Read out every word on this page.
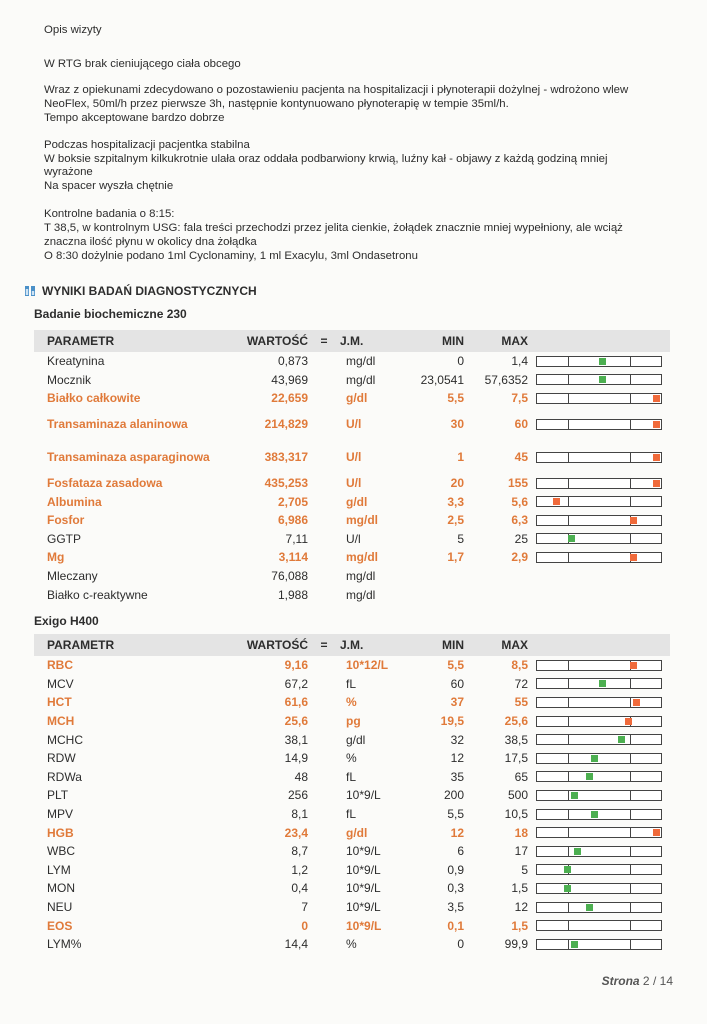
Opis wizyty

W RTG brak cieniującego ciała obcego

Wraz z opiekunami zdecydowano o pozostawieniu pacjenta na hospitalizacji i płynoterapii dożylnej - wdrożono wlew

NeoFlex, 50ml/h przez pierwsze 3h, następnie kontynuowano płynoterapię w tempie 35ml/h.

Tempo akceptowane bardzo dobrze

Podczas hospitalizacji pacjentka stabilna

W boksie szpitalnym kilkukrotnie ulała oraz oddała podbarwiony krwią, luźny kał - objawy z każdą godziną mniej

wyrażone

Na spacer wyszła chętnie

Kontrolne badania o 8:15:

T 38,5, w kontrolnym USG: fala treści przechodzi przez jelita cienkie, żołądek znacznie mniej wypełniony, ale wciąż

znaczna ilość płynu w okolicy dna żołądka

O 8:30 dożylnie podano 1ml Cyclonaminy, 1 ml Exacylu, 3ml Ondasetronu

WYNIKI BADAŃ DIAGNOSTYCZNYCH
Badanie biochemiczne 230
PARAMETR	WARTOŚĆ	=	J.M.	MIN	MAX	
Kreatynina	0,873		mg/dl	0	1,4	

Mocznik	43,969		mg/dl	23,0541	57,6352	

Białko całkowite	22,659		g/dl	5,5	7,5	

Transaminaza alaninowa	214,829		U/l	30	60	

Transaminaza asparaginowa	383,317		U/l	1	45	

Fosfataza zasadowa	435,253		U/l	20	155	

Albumina	2,705		g/dl	3,3	5,6	

Fosfor	6,986		mg/dl	2,5	6,3	

GGTP	7,11		U/l	5	25	

Mg	3,114		mg/dl	1,7	2,9	

Mleczany	76,088		mg/dl			
Białko c-reaktywne	1,988		mg/dl			
Exigo H400
PARAMETR	WARTOŚĆ	=	J.M.	MIN	MAX	
RBC	9,16		10*12/L	5,5	8,5	

MCV	67,2		fL	60	72	

HCT	61,6		%	37	55	

MCH	25,6		pg	19,5	25,6	

MCHC	38,1		g/dl	32	38,5	

RDW	14,9		%	12	17,5	

RDWa	48		fL	35	65	

PLT	256		10*9/L	200	500	

MPV	8,1		fL	5,5	10,5	

HGB	23,4		g/dl	12	18	

WBC	8,7		10*9/L	6	17	

LYM	1,2		10*9/L	0,9	5	

MON	0,4		10*9/L	0,3	1,5	

NEU	7		10*9/L	3,5	12	

EOS	0		10*9/L	0,1	1,5	

LYM%	14,4		%	0	99,9	
Strona 2 / 14
